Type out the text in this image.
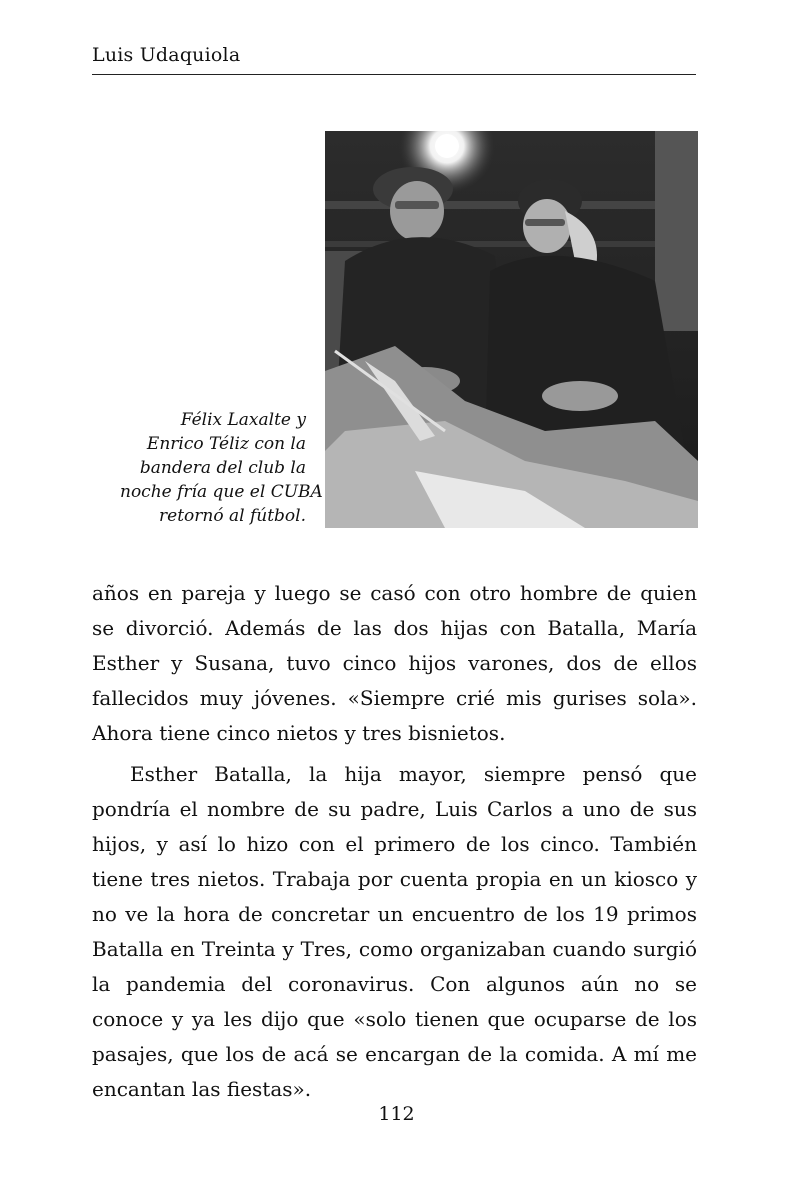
Luis Udaquiola
Félix Laxalte y
Enrico Téliz con la
bandera del club la
noche fría que el CUBA
retornó al fútbol.

años en pareja y luego se casó con otro hombre de quien se divorció. Además de las dos hijas con Batalla, María Esther y Susana, tuvo cinco hijos varones, dos de ellos fallecidos muy jóvenes. «Siempre crié mis gurises sola». Ahora tiene cinco nietos y tres bisnietos.

Esther Batalla, la hija mayor, siempre pensó que pondría el nombre de su padre, Luis Carlos a uno de sus hijos, y así lo hizo con el primero de los cinco. También tiene tres nietos. Trabaja por cuenta propia en un kiosco y no ve la hora de concretar un encuentro de los 19 primos Batalla en Treinta y Tres, como organizaban cuando surgió la pandemia del coronavirus. Con algunos aún no se conoce y ya les dijo que «solo tienen que ocuparse de los pasajes, que los de acá se encargan de la comida. A mí me encantan las fiestas».

112
